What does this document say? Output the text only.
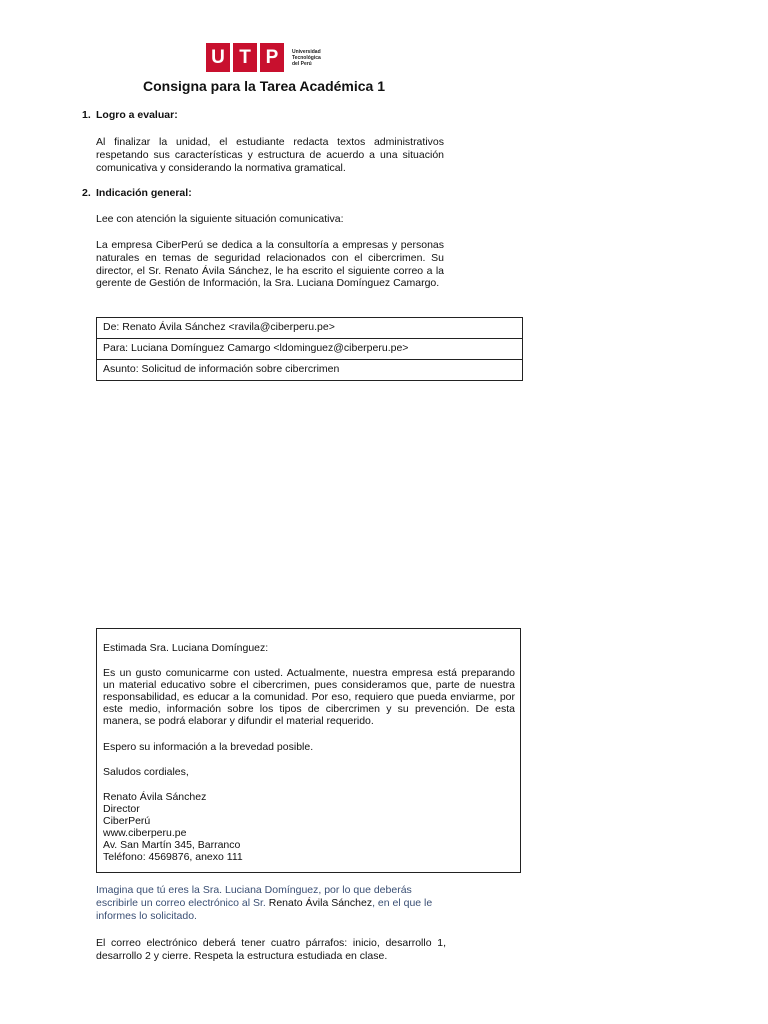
U T P	Universidad
Tecnológica
del Perú
Consigna para la Tarea Académica 1
1. Logro a evaluar:

Al finalizar la unidad, el estudiante redacta textos administrativos respetando sus características y estructura de acuerdo a una situación comunicativa y considerando la normativa gramatical.

2. Indicación general:

Lee con atención la siguiente situación comunicativa:

La empresa CiberPerú se dedica a la consultoría a empresas y personas naturales en temas de seguridad relacionados con el cibercrimen. Su director, el Sr. Renato Ávila Sánchez, le ha escrito el siguiente correo a la gerente de Gestión de Información, la Sra. Luciana Domínguez Camargo.

De: Renato Ávila Sánchez <ravila@ciberperu.pe>
Para: Luciana Domínguez Camargo <ldominguez@ciberperu.pe>
Asunto: Solicitud de información sobre cibercrimen

Estimada Sra. Luciana Domínguez:

Es un gusto comunicarme con usted. Actualmente, nuestra empresa está preparando un material educativo sobre el cibercrimen, pues consideramos que, parte de nuestra responsabilidad, es educar a la comunidad. Por eso, requiero que pueda enviarme, por este medio, información sobre los tipos de cibercrimen y su prevención. De esta manera, se podrá elaborar y difundir el material requerido.

Espero su información a la brevedad posible.

Saludos cordiales,

Renato Ávila Sánchez
Director
CiberPerú
www.ciberperu.pe
Av. San Martín 345, Barranco
Teléfono: 4569876, anexo 111

Imagina que tú eres la Sra. Luciana Domínguez, por lo que deberás escribirle un correo electrónico al Sr. Renato Ávila Sánchez, en el que le informes lo solicitado.

El correo electrónico deberá tener cuatro párrafos: inicio, desarrollo 1, desarrollo 2 y cierre. Respeta la estructura estudiada en clase.
